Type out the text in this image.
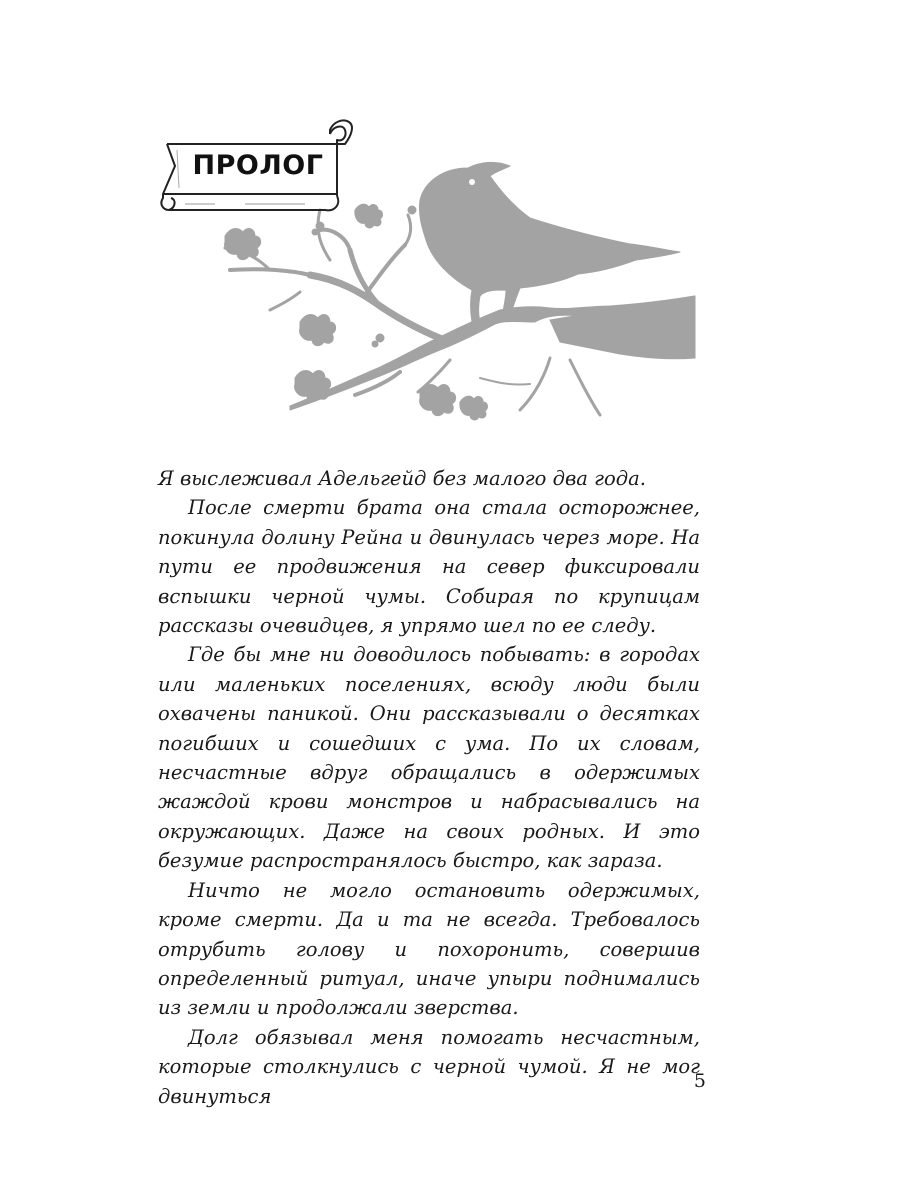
ПРОЛОГ

Я выслеживал Адельгейд без малого два года.

После смерти брата она стала осторожнее, покинула долину Рейна и двинулась через море. На пути ее продвижения на север фиксировали вспышки черной чумы. Собирая по крупицам рассказы очевидцев, я упрямо шел по ее следу.

Где бы мне ни доводилось побывать: в городах или маленьких поселениях, всюду люди были охвачены паникой. Они рассказывали о десятках погибших и сошедших с ума. По их словам, несчастные вдруг обращались в одержимых жаждой крови монстров и набрасывались на окружающих. Даже на своих родных. И это безумие распространялось быстро, как зараза.

Ничто не могло остановить одержимых, кроме смерти. Да и та не всегда. Требовалось отрубить голову и похоронить, совершив определенный ритуал, иначе упыри поднимались из земли и продолжали зверства.

Долг обязывал меня помогать несчастным, которые столкнулись с черной чумой. Я не мог двинуться

5
